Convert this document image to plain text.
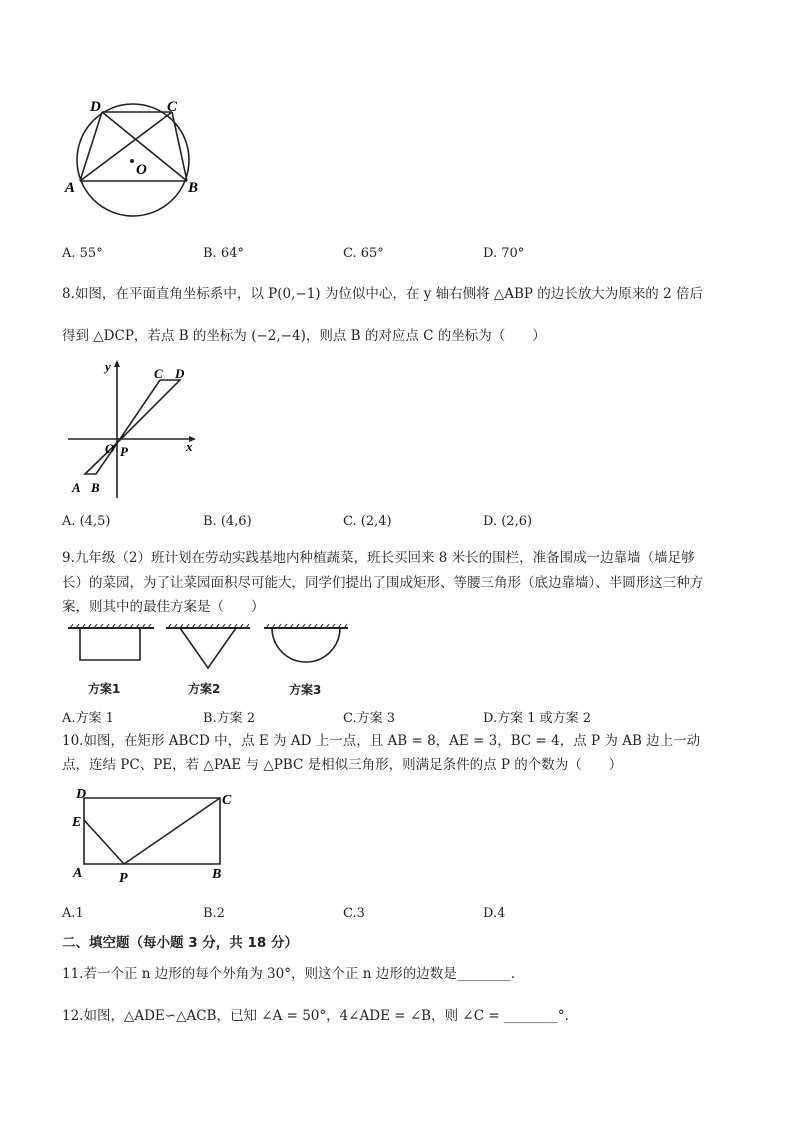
D	C
O
A	B
A. 55°	B. 64°	C. 65°	D. 70°
8.如图，在平面直角坐标系中，以 P(0,−1) 为位似中心，在 y 轴右侧将 △ABP 的边长放大为原来的 2 倍后
得到 △DCP，若点 B 的坐标为 (−2,−4)，则点 B 的对应点 C 的坐标为（　　）
y
x
C D
O P
A B
A. (4,5)	B. (4,6)	C. (2,4)	D. (2,6)
9.九年级（2）班计划在劳动实践基地内种植蔬菜，班长买回来 8 米长的围栏，准备围成一边靠墙（墙足够
长）的菜园，为了让菜园面积尽可能大，同学们提出了围成矩形、等腰三角形（底边靠墙）、半圆形这三种方
案，则其中的最佳方案是（　　）
方案1	方案2	方案3
A.方案 1	B.方案 2	C.方案 3	D.方案 1 或方案 2
10.如图，在矩形 ABCD 中，点 E 为 AD 上一点，且 AB = 8，AE = 3，BC = 4，点 P 为 AB 边上一动
点，连结 PC、PE，若 △PAE 与 △PBC 是相似三角形，则满足条件的点 P 的个数为（　　）
D	C
E
A	P	B
A.1	B.2	C.3	D.4
二、填空题（每小题 3 分，共 18 分）
11.若一个正 n 边形的每个外角为 30°，则这个正 n 边形的边数是________.
12.如图，△ADE∽△ACB，已知 ∠A = 50°，4∠ADE = ∠B，则 ∠C = ________°.
